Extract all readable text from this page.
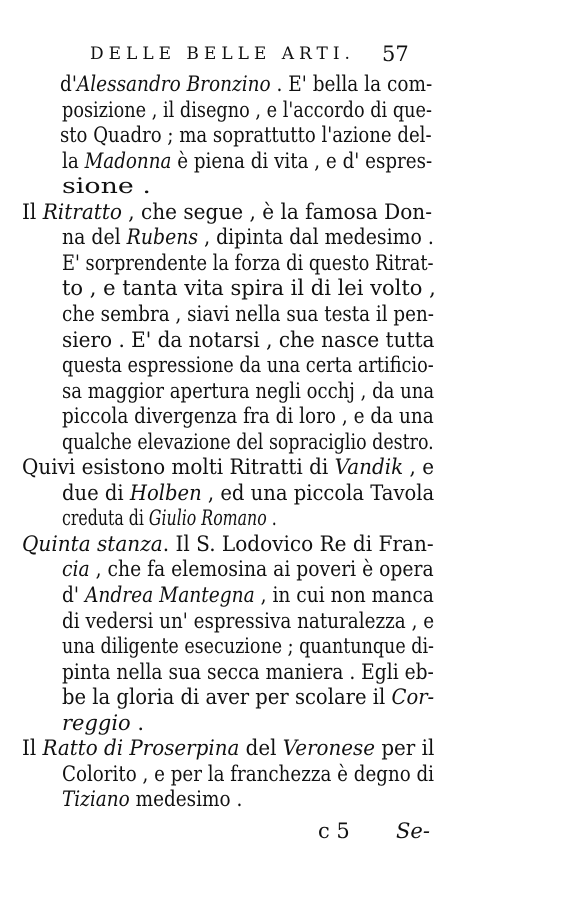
DELLE BELLE ARTI. 57
d'Alessandro Bronzino . E' bella la com-
posizione , il disegno , e l'accordo di que-
sto Quadro ; ma soprattutto l'azione del-
la Madonna è piena di vita , e d' espres-
sione .
Il Ritratto , che segue , è la famosa Don-
na del Rubens , dipinta dal medesimo .
E' sorprendente la forza di questo Ritrat-
to , e tanta vita spira il di lei volto ,
che sembra , siavi nella sua testa il pen-
siero . E' da notarsi , che nasce tutta
questa espressione da una certa artificio-
sa maggior apertura negli occhj , da una
piccola divergenza fra di loro , e da una
qualche elevazione del sopraciglio destro.
Quivi esistono molti Ritratti di Vandik , e
due di Holben , ed una piccola Tavola
creduta di Giulio Romano .
Quinta stanza. Il S. Lodovico Re di Fran-
cia , che fa elemosina ai poveri è opera
d' Andrea Mantegna , in cui non manca
di vedersi un' espressiva naturalezza , e
una diligente esecuzione ; quantunque di-
pinta nella sua secca maniera . Egli eb-
be la gloria di aver per scolare il Cor-
reggio .
Il Ratto di Proserpina del Veronese per il
Colorito , e per la franchezza è degno di
Tiziano medesimo .
c 5 Se-
